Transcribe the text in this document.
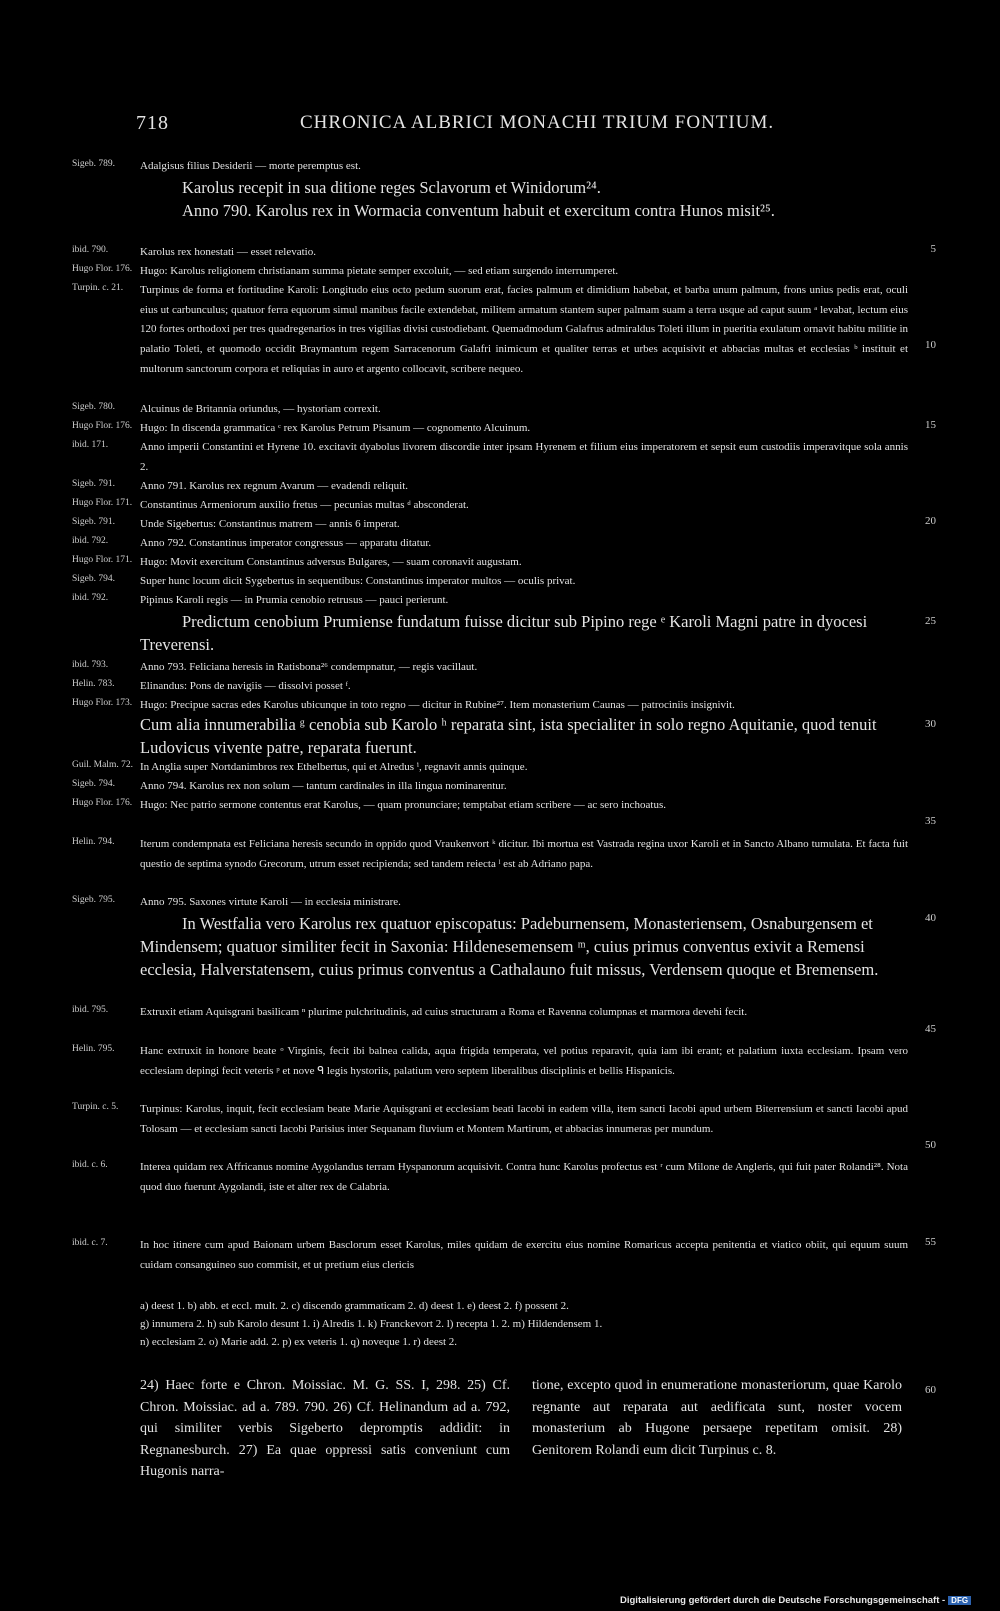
718	CHRONICA ALBRICI MONACHI TRIUM FONTIUM.
Sigeb. 789.	Adalgisus filius Desiderii — morte peremptus est.
Karolus recepit in sua ditione reges Sclavorum et Winidorum²⁴.
Anno 790. Karolus rex in Wormacia conventum habuit et exercitum contra Hunos misit²⁵.
ibid. 790.	Karolus rex honestati — esset relevatio.
Hugo Flor. 176. Hugo: Karolus religionem christianam summa pietate semper excoluit, — sed etiam surgendo interrumperet.
Turpin. c. 21.	Turpinus de forma et fortitudine Karoli: Longitudo eius octo pedum suorum erat, facies palmum et dimidium habebat, et barba unum palmum, frons unius pedis erat, oculi eius ut carbunculus; quatuor ferra equorum simul manibus facile extendebat, militem armatum stantem super palmam suam a terra usque ad caput suum ᵃ levabat, lectum eius 120 fortes orthodoxi per tres quadregenarios in tres vigilias divisi custodiebant. Quemadmodum Galafrus admiraldus Toleti illum in pueritia exulatum ornavit habitu militie in palatio Toleti, et quomodo occidit Braymantum regem Sarracenorum Galafri inimicum et qualiter terras et urbes acquisivit et abbacias multas et ecclesias ᵇ instituit et multorum sanctorum corpora et reliquias in auro et argento collocavit, scribere nequeo.
Sigeb. 780.	Alcuinus de Britannia oriundus, — hystoriam correxit.
Hugo Flor. 176. Hugo: In discenda grammatica ᶜ rex Karolus Petrum Pisanum — cognomento Alcuinum.
ibid. 171.	Anno imperii Constantini et Hyrene 10. excitavit dyabolus livorem discordie inter ipsam Hyrenem et filium eius imperatorem et sepsit eum custodiis imperavitque sola annis 2.
Sigeb. 791.	Anno 791. Karolus rex regnum Avarum — evadendi reliquit.
Hugo Flor. 171. Constantinus Armeniorum auxilio fretus — pecunias multas ᵈ absconderat.
Sigeb. 791.	Unde Sigebertus: Constantinus matrem — annis 6 imperat.
ibid. 792.	Anno 792. Constantinus imperator congressus — apparatu ditatur.
Hugo Flor. 171. Hugo: Movit exercitum Constantinus adversus Bulgares, — suam coronavit augustam.
Sigeb. 794.	Super hunc locum dicit Sygebertus in sequentibus: Constantinus imperator multos — oculis privat.
ibid. 792.	Pipinus Karoli regis — in Prumia cenobio retrusus — pauci perierunt.
Predictum cenobium Prumiense fundatum fuisse dicitur sub Pipino rege ᵉ Karoli Magni patre in dyocesi Treverensi.
ibid. 793.	Anno 793. Feliciana heresis in Ratisbona²⁶ condempnatur, — regis vacillaut.
Helin. 783.	Elinandus: Pons de navigiis — dissolvi posset ᶠ.
Hugo Flor. 173. Hugo: Precipue sacras edes Karolus ubicunque in toto regno — dicitur in Rubine²⁷. Item monasterium Caunas — patrociniis insignivit.
Cum alia innumerabilia ᵍ cenobia sub Karolo ʰ reparata sint, ista specialiter in solo regno Aquitanie, quod tenuit Ludovicus vivente patre, reparata fuerunt.
Guil. Malm. 72. In Anglia super Nortdanimbros rex Ethelbertus, qui et Alredus ⁱ, regnavit annis quinque.
Sigeb. 794.	Anno 794. Karolus rex non solum — tantum cardinales in illa lingua nominarentur.
Hugo Flor. 176. Hugo: Nec patrio sermone contentus erat Karolus, — quam pronunciare; temptabat etiam scribere — ac sero inchoatus.
Helin. 794.	Iterum condempnata est Feliciana heresis secundo in oppido quod Vraukenvort ᵏ dicitur. Ibi mortua est Vastrada regina uxor Karoli et in Sancto Albano tumulata. Et facta fuit questio de septima synodo Grecorum, utrum esset recipienda; sed tandem reiecta ˡ est ab Adriano papa.
Sigeb. 795.	Anno 795. Saxones virtute Karoli — in ecclesia ministrare.
In Westfalia vero Karolus rex quatuor episcopatus: Padeburnensem, Monasteriensem, Osnaburgensem et Mindensem; quatuor similiter fecit in Saxonia: Hildenesemensem ᵐ, cuius primus conventus exivit a Remensi ecclesia, Halverstatensem, cuius primus conventus a Cathalauno fuit missus, Verdensem quoque et Bremensem.
ibid. 795.	Extruxit etiam Aquisgrani basilicam ⁿ plurime pulchritudinis, ad cuius structuram a Roma et Ravenna columpnas et marmora devehi fecit.
Helin. 795.	Hanc extruxit in honore beate ᵒ Virginis, fecit ibi balnea calida, aqua frigida temperata, vel potius reparavit, quia iam ibi erant; et palatium iuxta ecclesiam. Ipsam vero ecclesiam depingi fecit veteris ᵖ et nove ᑫ legis hystoriis, palatium vero septem liberalibus disciplinis et bellis Hispanicis.
Turpin. c. 5.	Turpinus: Karolus, inquit, fecit ecclesiam beate Marie Aquisgrani et ecclesiam beati Iacobi in eadem villa, item sancti Iacobi apud urbem Biterrensium et sancti Iacobi apud Tolosam — et ecclesiam sancti Iacobi Parisius inter Sequanam fluvium et Montem Martirum, et abbacias innumeras per mundum.
ibid. c. 6.	Interea quidam rex Affricanus nomine Aygolandus terram Hyspanorum acquisivit. Contra hunc Karolus profectus est ʳ cum Milone de Angleris, qui fuit pater Rolandi²⁸. Nota quod duo fuerunt Aygolandi, iste et alter rex de Calabria.
ibid. c. 7.	In hoc itinere cum apud Baionam urbem Basclorum esset Karolus, miles quidam de exercitu eius nomine Romaricus accepta penitentia et viatico obiit, qui equum suum cuidam consanguineo suo commisit, et ut pretium eius clericis
5
10
15
20
25
30
35
40
45
50
55
60
a) deest 1. b) abb. et eccl. mult. 2. c) discendo grammaticam 2. d) deest 1. e) deest 2. f) possent 2.
g) innumera 2. h) sub Karolo desunt 1. i) Alredis 1. k) Franckevort 2. l) recepta 1. 2. m) Hildendensem 1.
n) ecclesiam 2. o) Marie add. 2. p) ex veteris 1. q) noveque 1. r) deest 2.
24) Haec forte e Chron. Moissiac. M. G. SS. I, 298. 25) Cf. Chron. Moissiac. ad a. 789. 790. 26) Cf. Helinandum ad a. 792, qui similiter verbis Sigeberto depromptis addidit: in Regnanesburch. 27) Ea quae oppressi satis conveniunt cum Hugonis narra-
tione, excepto quod in enumeratione monasteriorum, quae Karolo regnante aut reparata aut aedificata sunt, noster vocem monasterium ab Hugone persaepe repetitam omisit. 28) Genitorem Rolandi eum dicit Turpinus c. 8.
Digitalisierung gefördert durch die Deutsche Forschungsgemeinschaft - DFG
